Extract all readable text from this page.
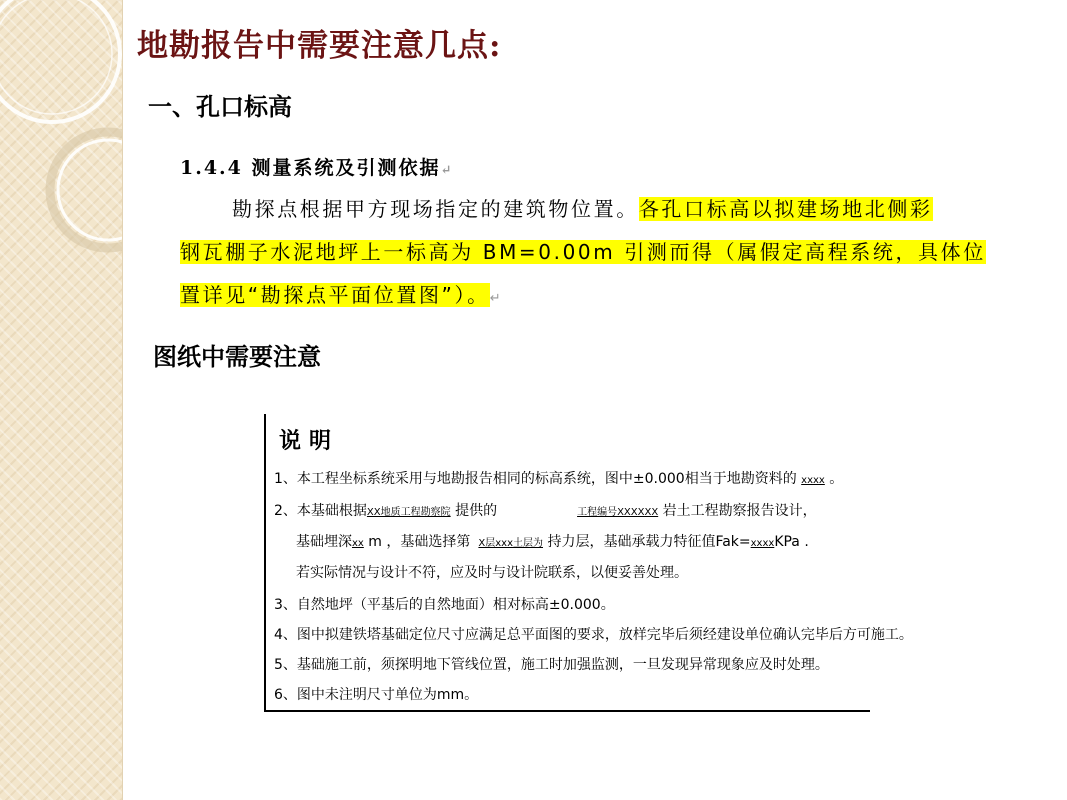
地勘报告中需要注意几点:
一、孔口标高
1.4.4 测量系统及引测依据↵
勘探点根据甲方现场指定的建筑物位置。各孔口标高以拟建场地北侧彩
钢瓦棚子水泥地坪上一标高为 BM=0.00m 引测而得（属假定高程系统，具体位
置详见“勘探点平面位置图”）。↵
图纸中需要注意
说明
1、本工程坐标系统采用与地勘报告相同的标高系统，图中±0.000相当于地勘资料的 xxxx 。
2、本基础根据XX地质工程勘察院 提供的	工程编号XXXXXX 岩土工程勘察报告设计，
基础埋深xx m ，基础选择第 X层xxx土层为 持力层，基础承载力特征值Fak=xxxxKPa .
若实际情况与设计不符，应及时与设计院联系，以便妥善处理。
3、自然地坪（平基后的自然地面）相对标高±0.000。
4、图中拟建铁塔基础定位尺寸应满足总平面图的要求，放样完毕后须经建设单位确认完毕后方可施工。
5、基础施工前，须探明地下管线位置，施工时加强监测，一旦发现异常现象应及时处理。
6、图中未注明尺寸单位为mm。
